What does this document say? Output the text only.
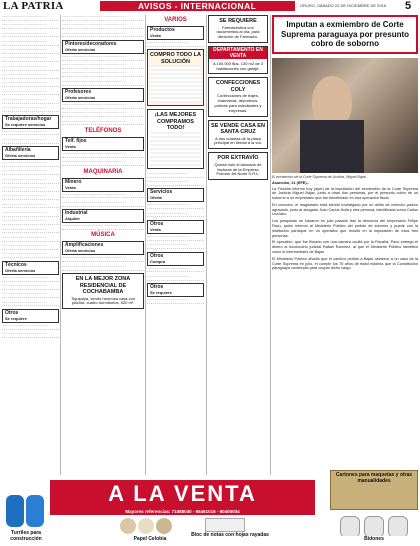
LA PATRIA	AVISOS - INTERNACIONAL	ORURO, SÁBADO 22 DE DICIEMBRE DE 2018 5
……………………………………
……………………………………
……………………………………
……………………………………
……………………………………
……………………………………
……………………………………
……………………………………
……………………………………
……………………………………
……………………………………
……………………………………
Trabajadoras/hogar
Se requiere servicios
……………………………………
……………………………………
Albañilería
Oferta servicios
……………………………………
……………………………………
……………………………………
……………………………………
……………………………………
……………………………………
……………………………………
……………………………………
……………………………………
……………………………………
……………………………………
……………………………………
Técnicos
Oferta servicios
……………………………………
……………………………………
……………………………………
……………………………………
Otros
Se requiere
……………………………………
……………………………………
……………………………………………………
……………………………………………………
……………………………………………………
Pintores/decoradores
Oferta servicios
……………………………………………………
……………………………………………………
……………………………………………………
……………………………………………………
Profesores
Oferta servicios
……………………………………………………
……………………………………………………
……………………………………………………
TELÉFONOS
Telf. fijos
Venta
……………………………………………………
……………………………………………………
MAQUINARIA
Minero
Venta
……………………………………………………
……………………………………………………
Industrial
Alquiler
……………………………………………………
MÚSICA
Amplificaciones
Oferta servicios
……………………………………………………
……………………………………………………
EN LA MEJOR ZONA RESIDENCIAL DE COCHABAMBA

Tiquipaya, vendo hermosa casa con piscina, cuatro dormitorios, 520 m².

VARIOS
Productos
Venta
…………………………………
COMPRO TODO LA SOLUCIÓN
¡LAS MEJORES COMPRAMOS TODO!
…………………………………
…………………………………
Servicios
Oferta
…………………………………
…………………………………
Otros
Venta
…………………………………
…………………………………
Otros
Compra
…………………………………
…………………………………
Otros
Se requiere
…………………………………
SE REQUIERE

Farmacéutica con documentos al día, para atención de Farmacia.

DEPARTAMENTO EN VENTA

A 100.000 $us. 130 m2 de 3 habitaciones con garaje.

CONFECCIONES COLY

Confecciones de trajes, chamarras, deportivos, poleras para estudiantes y empresas.

SE VENDE CASA EN SANTA CRUZ

A dos cuadras de la plaza principal en tienda a la vía.

POR EXTRAVÍO

Queda nulo el talonario de facturas de la Empresa Pulman Jet Norte S.R.L.

Imputan a exmiembro de Corte Suprema paraguaya por presunto cobro de soborno
El exmiembro de la Corte Suprema de Justicia, Miguel Bajac.
Asunción, 21 (EFE).-

La Fiscalía informó hoy (ayer) de la imputación del exmiembro de la Corte Suprema de Justicia Miguel Bajac, junto a otras dos personas, por el presunto cobro de un soborno a un empresario que fue beneficiado en una operación fiscal.

En concreto, el magistrado está siendo investigado por un delito de cohecho pasivo agravado, junto al abogado Juan Carlos Ávila y otra persona, identificada como Carlos Lezcano.

Los pesquisas se iniciaron en julio pasado tras la denuncia del empresario Felipe Pacú, quien informó al Ministerio Público del pedido de soborno y puede con la institución participar en un operativo que resultó en la imputación de esas tres personas.

El operativo, que fue filmado con una cámara oculta por la Fiscalía, Pacú entregó el dinero al funcionario judicial Rafael Ramírez, al que el Ministerio Público identificó como el intermediario de Bajac.

El Ministerio Público añadió que el cachivo pedido a Bajac obedece a un caso de la Corte Suprema en julio, el cumplir los 75 años de edad máxima que la Constitución paraguaya contempla para ocupar dicho cargo.

Cartones para maquetas y otras manualidades
A LA VENTA
Mayores referencias: 71888040 - 65461016 - 60405004
Turriles para construcción	Papel Celobia
Bloc de notas con hojas rayadas
Bidones
